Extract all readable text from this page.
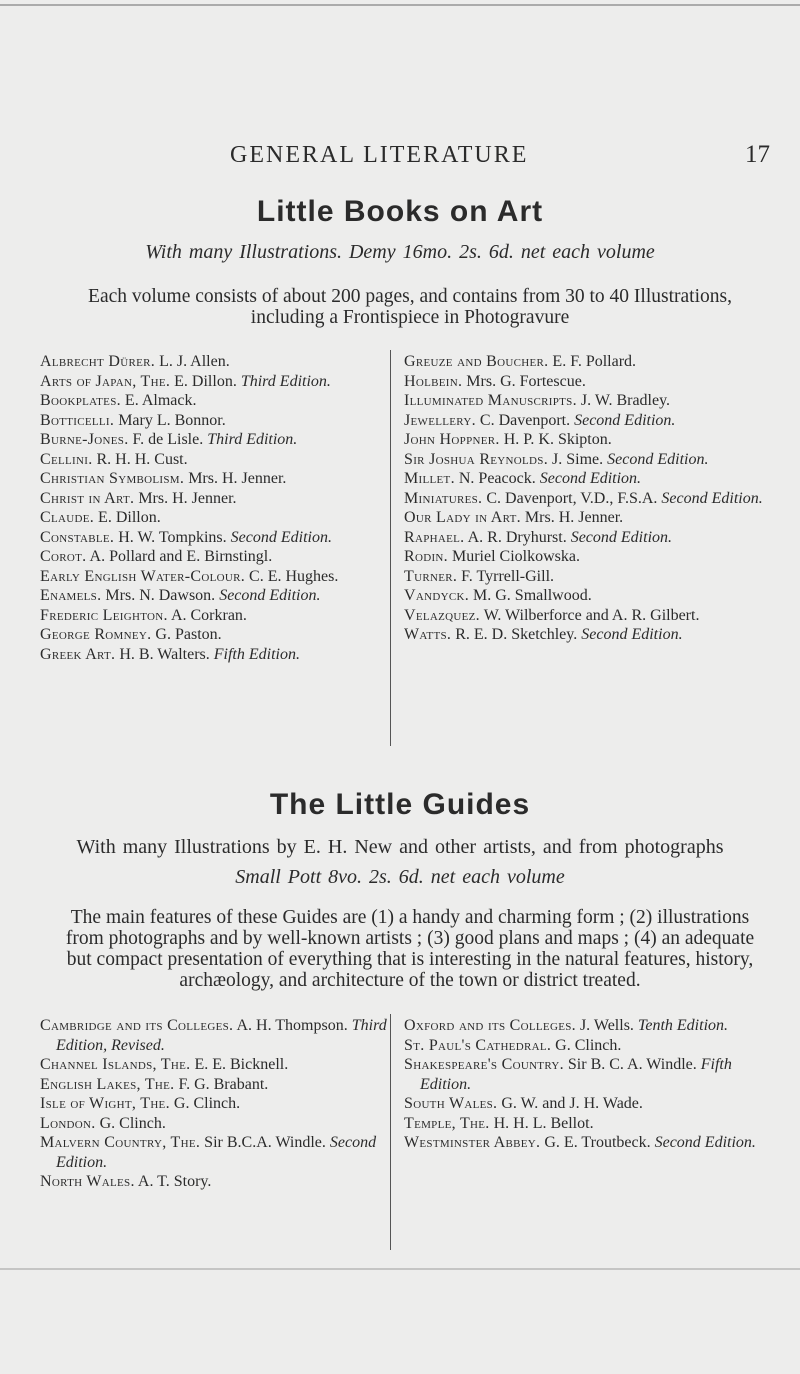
GENERAL LITERATURE	17
Little Books on Art
With many Illustrations. Demy 16mo. 2s. 6d. net each volume
Each volume consists of about 200 pages, and contains from 30 to 40 Illustrations, including a Frontispiece in Photogravure
Albrecht Dürer. L. J. Allen.
Arts of Japan, The. E. Dillon. Third Edition.
Bookplates. E. Almack.
Botticelli. Mary L. Bonnor.
Burne-Jones. F. de Lisle. Third Edition.
Cellini. R. H. H. Cust.
Christian Symbolism. Mrs. H. Jenner.
Christ in Art. Mrs. H. Jenner.
Claude. E. Dillon.
Constable. H. W. Tompkins. Second Edition.
Corot. A. Pollard and E. Birnstingl.
Early English Water-Colour. C. E. Hughes.
Enamels. Mrs. N. Dawson. Second Edition.
Frederic Leighton. A. Corkran.
George Romney. G. Paston.
Greek Art. H. B. Walters. Fifth Edition.
Greuze and Boucher. E. F. Pollard.
Holbein. Mrs. G. Fortescue.
Illuminated Manuscripts. J. W. Bradley.
Jewellery. C. Davenport. Second Edition.
John Hoppner. H. P. K. Skipton.
Sir Joshua Reynolds. J. Sime. Second Edition.
Millet. N. Peacock. Second Edition.
Miniatures. C. Davenport, V.D., F.S.A. Second Edition.
Our Lady in Art. Mrs. H. Jenner.
Raphael. A. R. Dryhurst. Second Edition.
Rodin. Muriel Ciolkowska.
Turner. F. Tyrrell-Gill.
Vandyck. M. G. Smallwood.
Velazquez. W. Wilberforce and A. R. Gilbert.
Watts. R. E. D. Sketchley. Second Edition.
The Little Guides
With many Illustrations by E. H. New and other artists, and from photographs
Small Pott 8vo. 2s. 6d. net each volume
The main features of these Guides are (1) a handy and charming form ; (2) illustrations from photographs and by well-known artists ; (3) good plans and maps ; (4) an adequate but compact presentation of everything that is interesting in the natural features, history, archæology, and architecture of the town or district treated.
Cambridge and its Colleges. A. H. Thompson. Third Edition, Revised.
Channel Islands, The. E. E. Bicknell.
English Lakes, The. F. G. Brabant.
Isle of Wight, The. G. Clinch.
London. G. Clinch.
Malvern Country, The. Sir B.C.A. Windle. Second Edition.
North Wales. A. T. Story.
Oxford and its Colleges. J. Wells. Tenth Edition.
St. Paul's Cathedral. G. Clinch.
Shakespeare's Country. Sir B. C. A. Windle. Fifth Edition.
South Wales. G. W. and J. H. Wade.
Temple, The. H. H. L. Bellot.
Westminster Abbey. G. E. Troutbeck. Second Edition.
